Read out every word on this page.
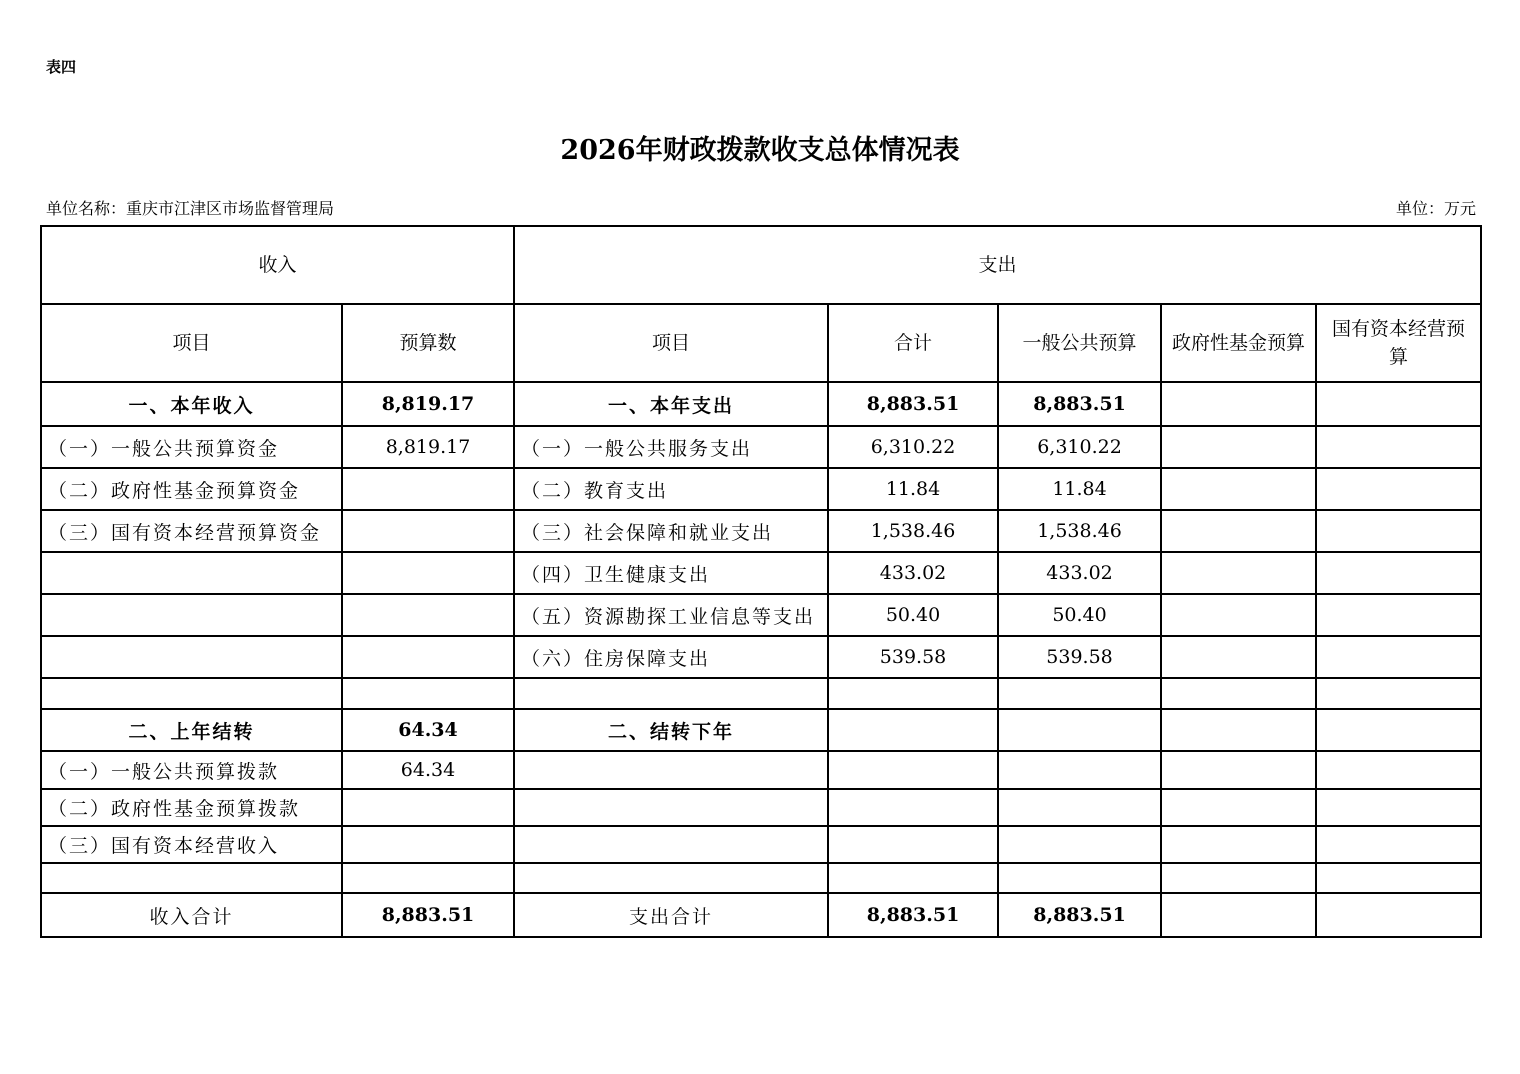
表四
2026年财政拨款收支总体情况表
单位名称：重庆市江津区市场监督管理局	单位：万元
收入		支出				
项目	预算数	项目	合计	一般公共预算	政府性基金预算	国有资本经营预算
一、本年收入	8,819.17	一、本年支出	8,883.51	8,883.51		
（一）一般公共预算资金	8,819.17	（一）一般公共服务支出	6,310.22	6,310.22		
（二）政府性基金预算资金		（二）教育支出	11.84	11.84		
（三）国有资本经营预算资金		（三）社会保障和就业支出	1,538.46	1,538.46		
		（四）卫生健康支出	433.02	433.02		
		（五）资源勘探工业信息等支出	50.40	50.40		
		（六）住房保障支出	539.58	539.58		

二、上年结转	64.34	二、结转下年				
（一）一般公共预算拨款	64.34					
（二）政府性基金预算拨款						
（三）国有资本经营收入						

收入合计	8,883.51	支出合计	8,883.51	8,883.51		
